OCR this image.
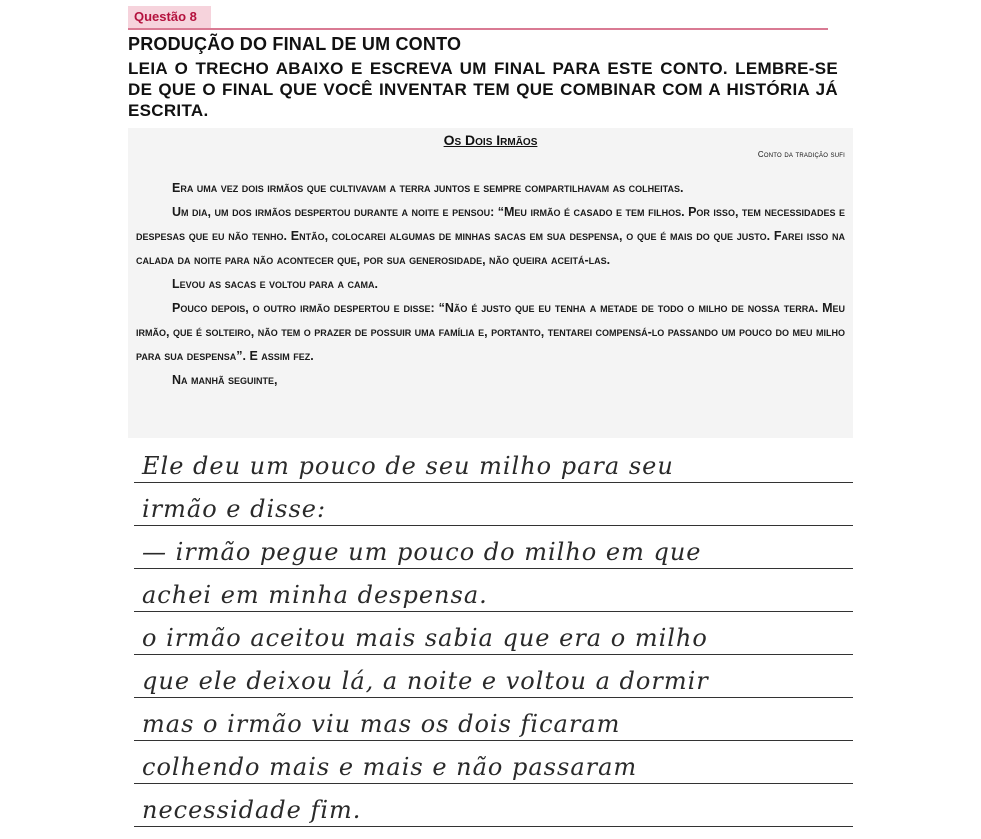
Questão 8
PRODUÇÃO DO FINAL DE UM CONTO
LEIA O TRECHO ABAIXO E ESCREVA UM FINAL PARA ESTE CONTO. LEMBRE-SE DE QUE O FINAL QUE VOCÊ INVENTAR TEM QUE COMBINAR COM A HISTÓRIA JÁ ESCRITA.
Os Dois Irmãos
Conto da tradição sufi

Era uma vez dois irmãos que cultivavam a terra juntos e sempre compartilhavam as colheitas.

Um dia, um dos irmãos despertou durante a noite e pensou: “Meu irmão é casado e tem filhos. Por isso, tem necessidades e despesas que eu não tenho. Então, colocarei algumas de minhas sacas em sua despensa, o que é mais do que justo. Farei isso na calada da noite para não acontecer que, por sua generosidade, não queira aceitá-las.

Levou as sacas e voltou para a cama.

Pouco depois, o outro irmão despertou e disse: “Não é justo que eu tenha a metade de todo o milho de nossa terra. Meu irmão, que é solteiro, não tem o prazer de possuir uma família e, portanto, tentarei compensá-lo passando um pouco do meu milho para sua despensa”. E assim fez.

Na manhã seguinte,

Ele deu um pouco de seu milho para seu
irmão e disse:
— irmão pegue um pouco do milho em que
achei em minha despensa.
o irmão aceitou mais sabia que era o milho
que ele deixou lá, a noite e voltou a dormir
mas o irmão viu mas os dois ficaram
colhendo mais e mais e não passaram
necessidade fim.
